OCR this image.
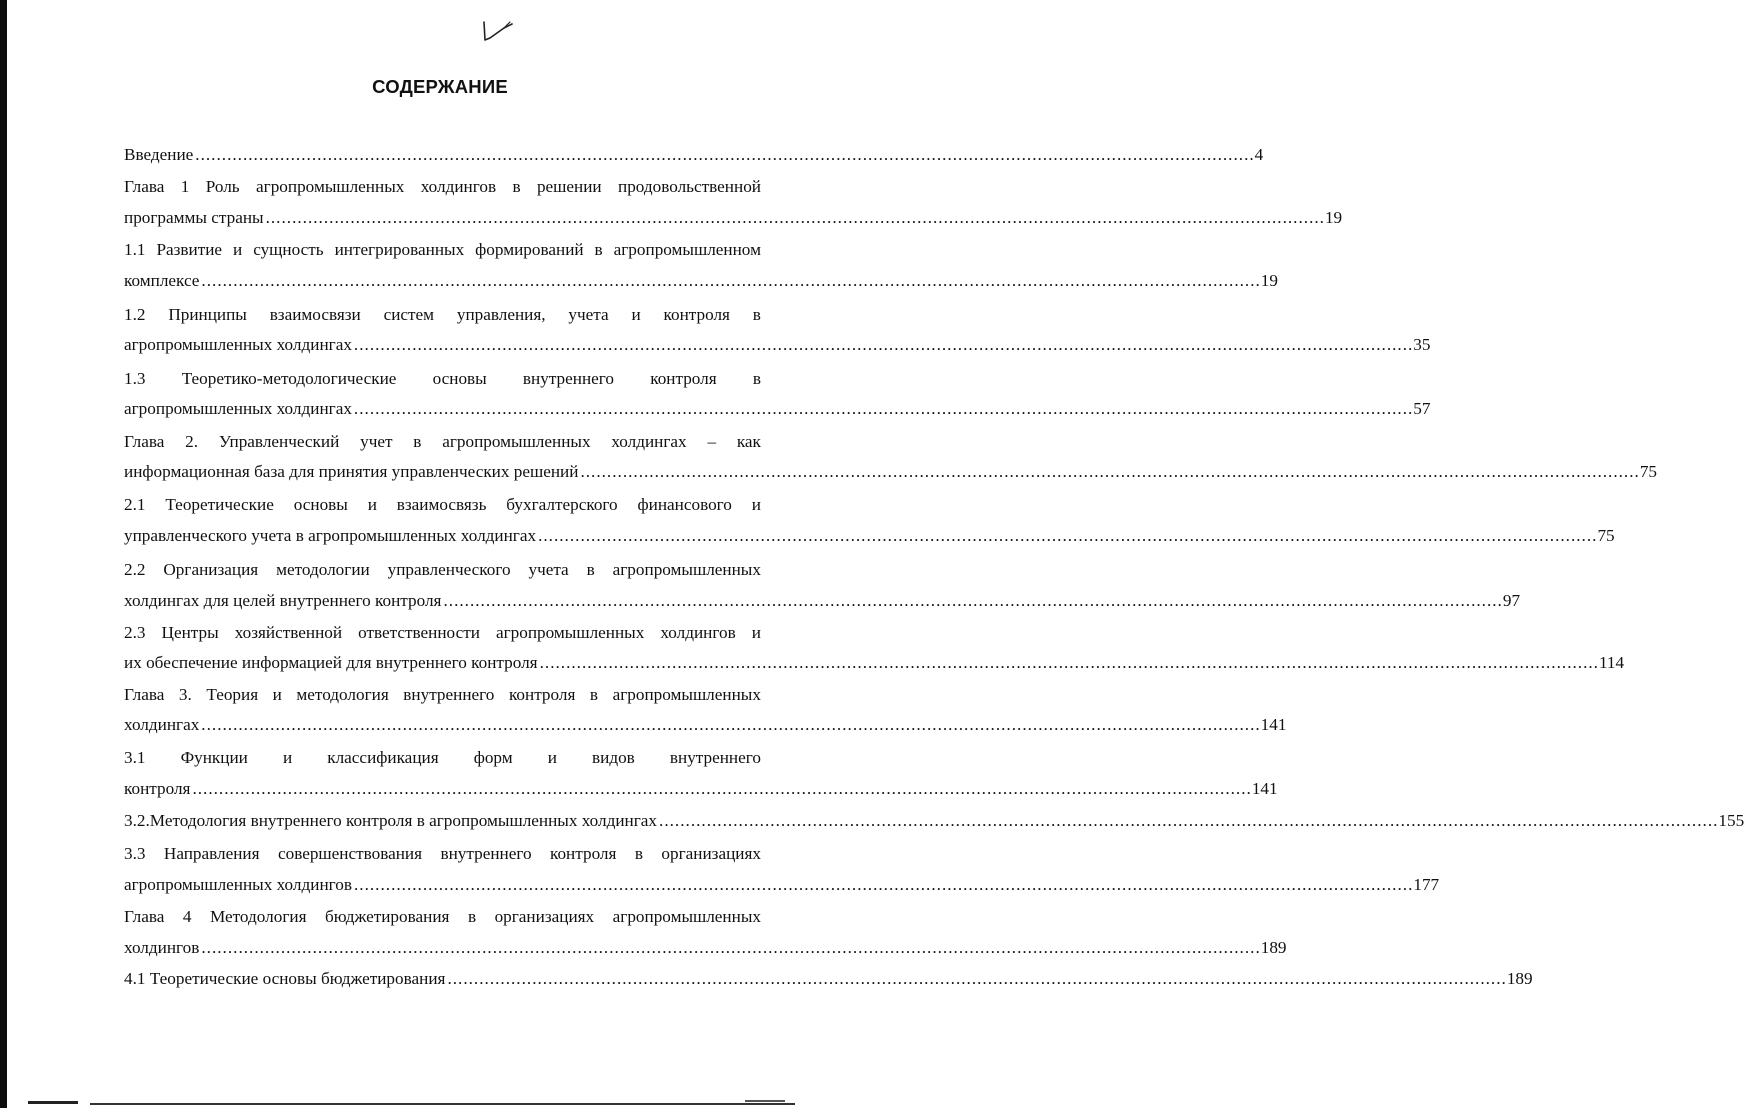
СОДЕРЖАНИЕ
Введение ........................................................................................................................................................................................................ 4
Глава 1 Роль агропромышленных холдингов в решении продовольственной
программы страны ........................................................................................................................................................................................................ 19
1.1 Развитие и сущность интегрированных формирований в агропромышленном
комплексе ........................................................................................................................................................................................................ 19
1.2 Принципы взаимосвязи систем управления, учета и контроля в
агропромышленных холдингах ........................................................................................................................................................................................................ 35
1.3 Теоретико-методологические основы внутреннего контроля в
агропромышленных холдингах ........................................................................................................................................................................................................ 57
Глава 2. Управленческий учет в агропромышленных холдингах – как
информационная база для принятия управленческих решений ........................................................................................................................................................................................................ 75
2.1 Теоретические основы и взаимосвязь бухгалтерского финансового и
управленческого учета в агропромышленных холдингах ........................................................................................................................................................................................................ 75
2.2 Организация методологии управленческого учета в агропромышленных
холдингах для целей внутреннего контроля ........................................................................................................................................................................................................ 97
2.3 Центры хозяйственной ответственности агропромышленных холдингов и
их обеспечение информацией для внутреннего контроля ........................................................................................................................................................................................................ 114
Глава 3. Теория и методология внутреннего контроля в агропромышленных
холдингах ........................................................................................................................................................................................................ 141
3.1 Функции и классификация форм и видов внутреннего
контроля ........................................................................................................................................................................................................ 141
3.2.Методология внутреннего контроля в агропромышленных холдингах ........................................................................................................................................................................................................ 155
3.3 Направления совершенствования внутреннего контроля в организациях
агропромышленных холдингов ........................................................................................................................................................................................................ 177
Глава 4 Методология бюджетирования в организациях агропромышленных
холдингов ........................................................................................................................................................................................................ 189
4.1 Теоретические основы бюджетирования ........................................................................................................................................................................................................ 189
